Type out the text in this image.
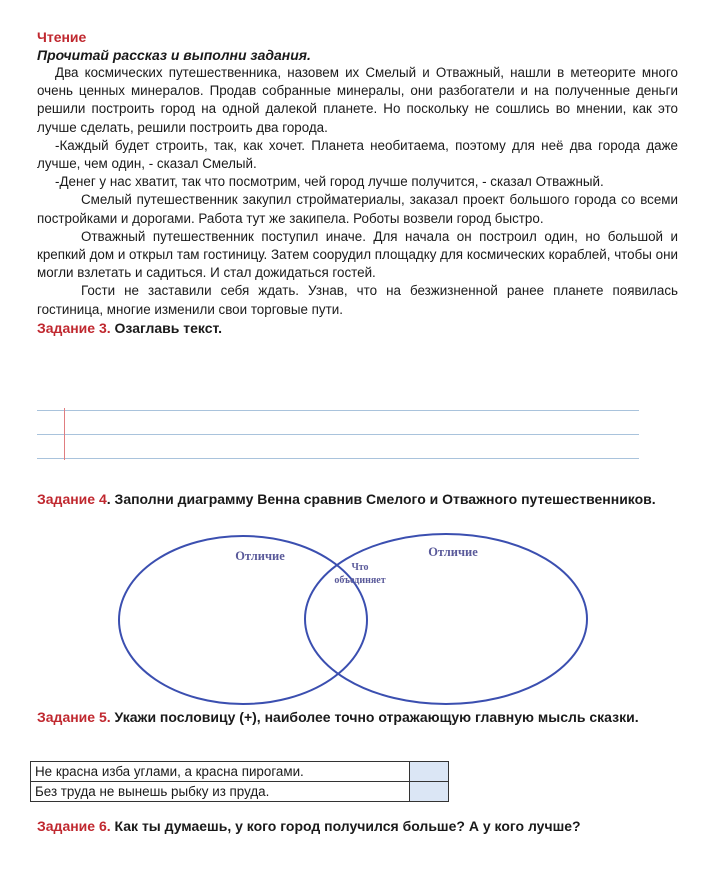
Чтение

Прочитай рассказ и выполни задания.

Два космических путешественника, назовем их Смелый и Отважный, нашли в метеорите много очень ценных минералов. Продав собранные минералы, они разбогатели и на полученные деньги решили построить город на одной далекой планете. Но поскольку не сошлись во мнении, как это лучше сделать, решили построить два города.

-Каждый будет строить, так, как хочет. Планета необитаема, поэтому для неё два города даже лучше, чем один, - сказал Смелый.

-Денег у нас хватит, так что посмотрим, чей город лучше получится, - сказал Отважный.

Смелый путешественник закупил стройматериалы, заказал проект большого города со всеми постройками и дорогами. Работа тут же закипела. Роботы возвели город быстро.

Отважный путешественник поступил иначе. Для начала он построил один, но большой и крепкий дом и открыл там гостиницу. Затем соорудил площадку для космических кораблей, чтобы они могли взлетать и садиться. И стал дожидаться гостей.

Гости не заставили себя ждать. Узнав, что на безжизненной ранее планете появилась гостиница, многие изменили свои торговые пути.

Задание 3. Озаглавь текст.

Задание 4. Заполни диаграмму Венна сравнив Смелого и Отважного путешественников.

Отличие	Отличие
Что
объединяет

Задание 5. Укажи пословицу (+), наиболее точно отражающую главную мысль сказки.

Не красна изба углами, а красна пирогами.	
Без труда не вынешь рыбку из пруда.	

Задание 6. Как ты думаешь, у кого город получился больше? А у кого лучше?
